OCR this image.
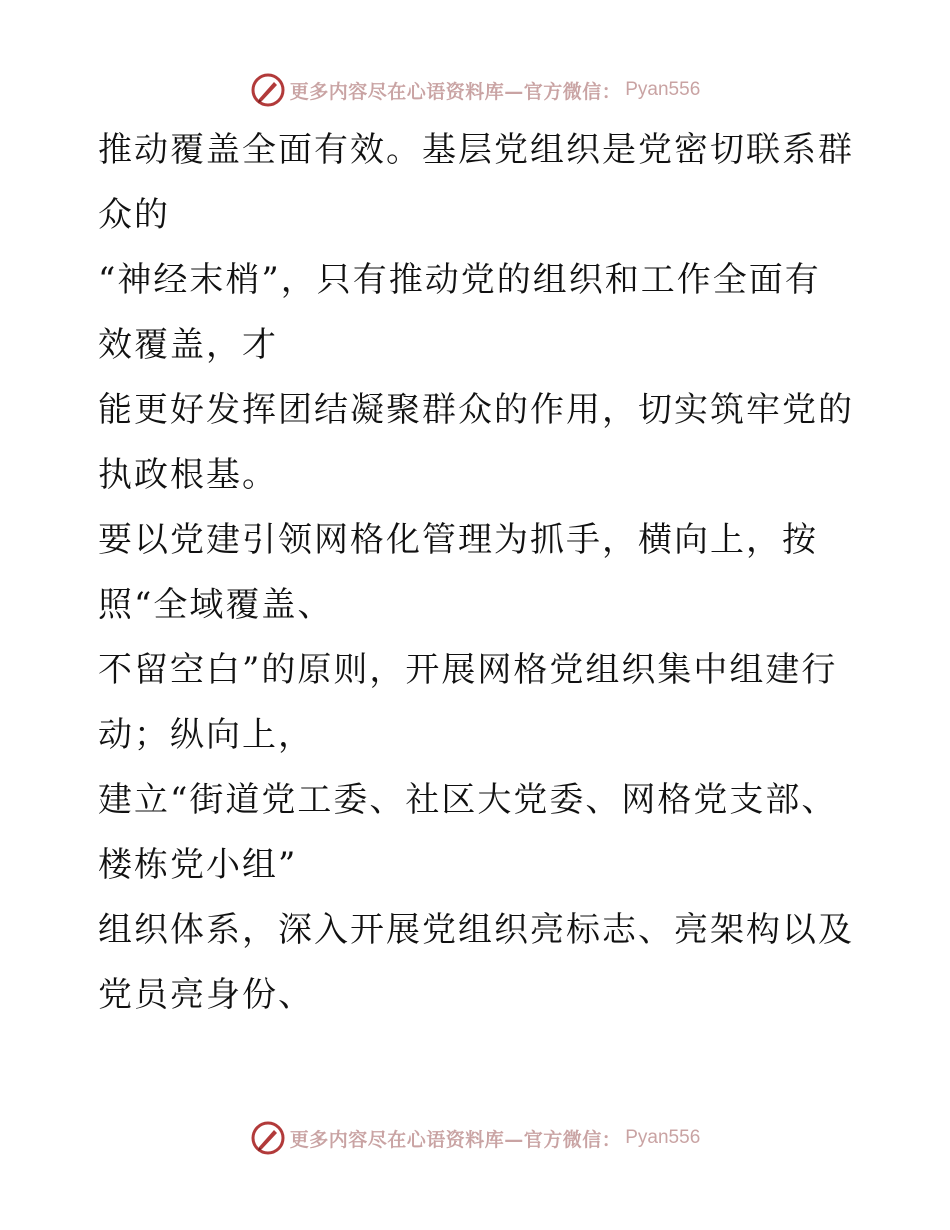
更多内容尽在心语资料库—官方微信： Pyan556
推动覆盖全面有效。基层党组织是党密切联系群
众的
“神经末梢”，只有推动党的组织和工作全面有
效覆盖，才
能更好发挥团结凝聚群众的作用，切实筑牢党的
执政根基。
要以党建引领网格化管理为抓手，横向上，按
照“全域覆盖、
不留空白”的原则，开展网格党组织集中组建行
动；纵向上，
建立“街道党工委、社区大党委、网格党支部、
楼栋党小组”
组织体系，深入开展党组织亮标志、亮架构以及
党员亮身份、
更多内容尽在心语资料库—官方微信： Pyan556
